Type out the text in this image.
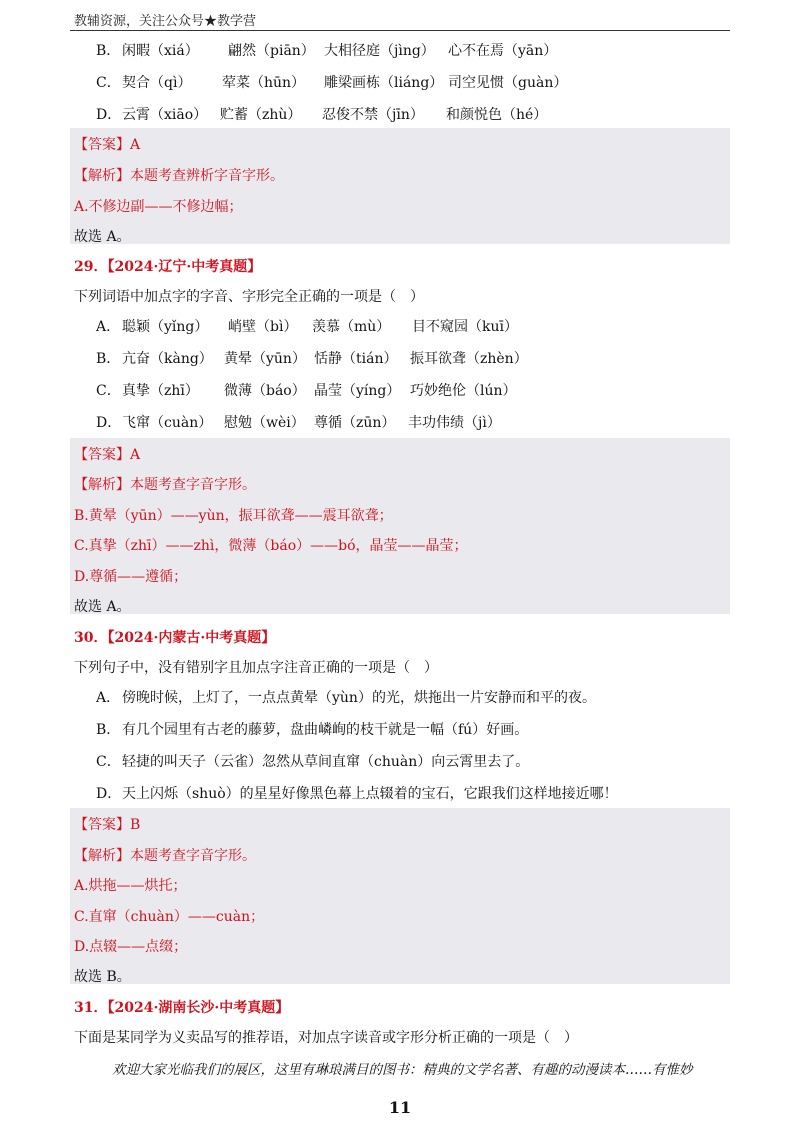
教辅资源，关注公众号★教学营
B． 闲暇（xiá） 翩然（piān） 大相径庭（jìng） 心不在焉（yān）
C． 契合（qì） 荤菜（hūn） 雕梁画栋（liáng） 司空见惯（guàn）
D． 云霄（xiāo） 贮蓄（zhù） 忍俊不禁（jīn） 和颜悦色（hé）
【答案】A
【解析】本题考查辨析字音字形。
A.不修边副——不修边幅；
故选 A。
29．【2024·辽宁·中考真题】
下列词语中加点字的字音、字形完全正确的一项是（　）
A． 聪颖（yǐng） 峭壁（bì） 羡慕（mù） 目不窥园（kuī）
B． 亢奋（kàng） 黄晕（yūn） 恬静（tián） 振耳欲聋（zhèn）
C． 真挚（zhī） 微薄（báo） 晶莹（yíng） 巧妙绝伦（lún）
D． 飞窜（cuàn） 慰勉（wèi） 尊循（zūn） 丰功伟绩（jì）
【答案】A
【解析】本题考查字音字形。
B.黄晕（yūn）——yùn，振耳欲聋——震耳欲聋；
C.真挚（zhī）——zhì，微薄（báo）——bó，晶莹——晶莹；
D.尊循——遵循；
故选 A。
30．【2024·内蒙古·中考真题】
下列句子中，没有错别字且加点字注音正确的一项是（　）
A． 傍晚时候，上灯了，一点点黄晕（yùn）的光，烘拖出一片安静而和平的夜。
B． 有几个园里有古老的藤萝，盘曲嶙峋的枝干就是一幅（fú）好画。
C． 轻捷的叫天子（云雀）忽然从草间直窜（chuàn）向云霄里去了。
D． 天上闪烁（shuò）的星星好像黑色幕上点辍着的宝石，它跟我们这样地接近哪！
【答案】B
【解析】本题考查字音字形。
A.烘拖——烘托；
C.直窜（chuàn）——cuàn；
D.点辍——点缀；
故选 B。
31．【2024·湖南长沙·中考真题】
下面是某同学为义卖品写的推荐语，对加点字读音或字形分析正确的一项是（　）
欢迎大家光临我们的展区，这里有琳琅满目的图书：精典的文学名著、有趣的动漫读本……有惟妙
11
